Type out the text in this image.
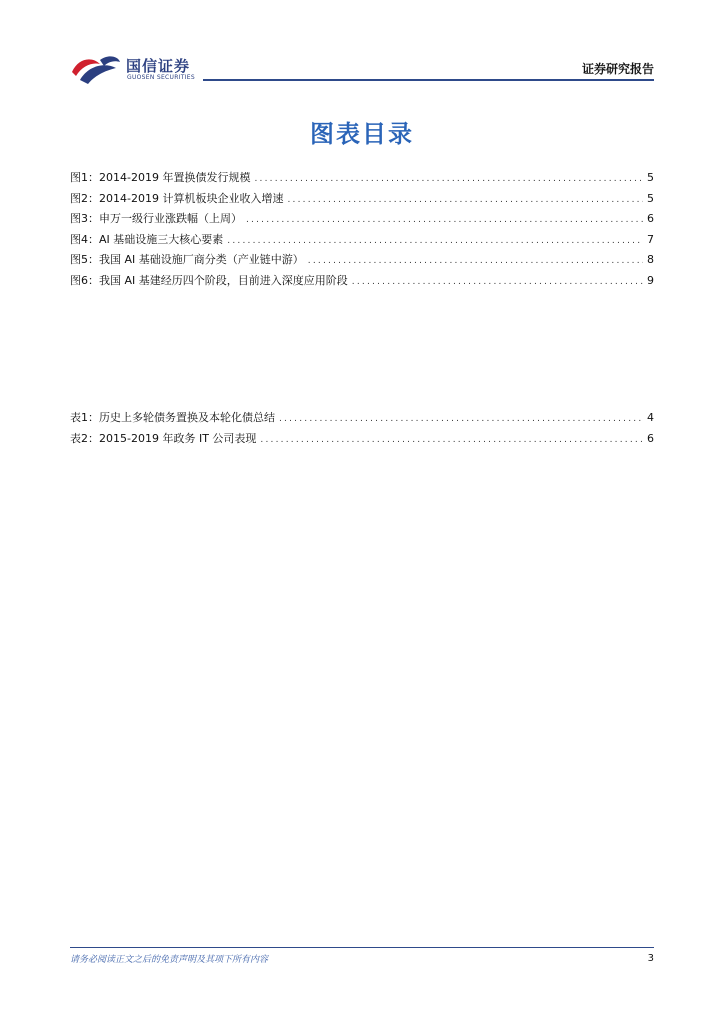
国信证券
GUOSEN SECURITIES
证券研究报告
图表目录
图1： 2014-2019 年置换债发行规模 .....	5
图2： 2014-2019 计算机板块企业收入增速 .....	5
图3： 申万一级行业涨跌幅（上周） .....	6
图4： AI 基础设施三大核心要素 .....	7
图5： 我国 AI 基础设施厂商分类（产业链中游） .....	8
图6： 我国 AI 基建经历四个阶段，目前进入深度应用阶段 .....	9
表1： 历史上多轮债务置换及本轮化债总结 .....	4
表2： 2015-2019 年政务 IT 公司表现 .....	6
请务必阅读正文之后的免责声明及其项下所有内容	3
